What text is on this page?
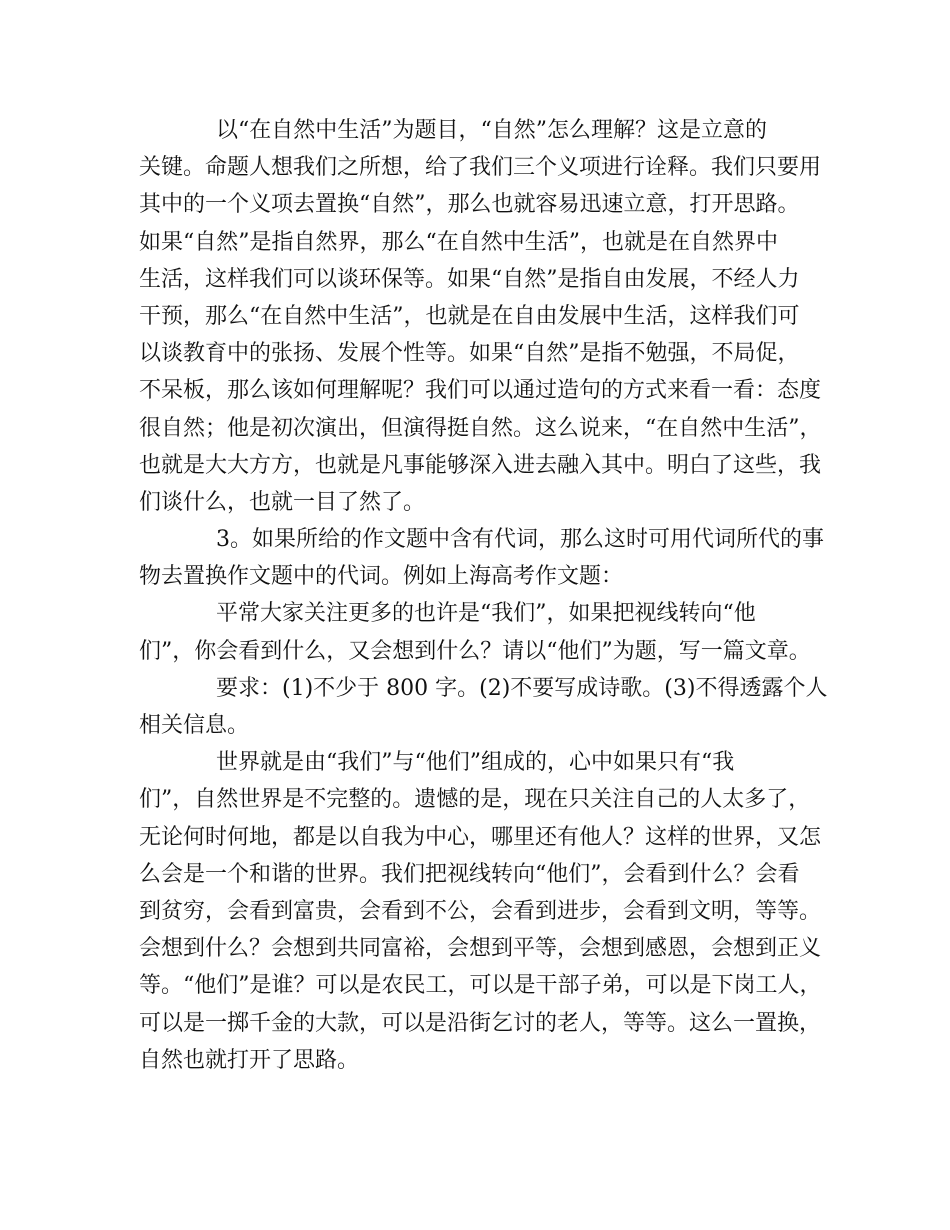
以“在自然中生活”为题目，“自然”怎么理解？这是立意的
关键。命题人想我们之所想，给了我们三个义项进行诠释。我们只要用
其中的一个义项去置换“自然”，那么也就容易迅速立意，打开思路。
如果“自然”是指自然界，那么“在自然中生活”，也就是在自然界中
生活，这样我们可以谈环保等。如果“自然”是指自由发展，不经人力
干预，那么“在自然中生活”，也就是在自由发展中生活，这样我们可
以谈教育中的张扬、发展个性等。如果“自然”是指不勉强，不局促，
不呆板，那么该如何理解呢？我们可以通过造句的方式来看一看：态度
很自然；他是初次演出，但演得挺自然。这么说来，“在自然中生活”，
也就是大大方方，也就是凡事能够深入进去融入其中。明白了这些，我
们谈什么，也就一目了然了。
3。如果所给的作文题中含有代词，那么这时可用代词所代的事
物去置换作文题中的代词。例如上海高考作文题：
平常大家关注更多的也许是“我们”，如果把视线转向“他
们”，你会看到什么，又会想到什么？请以“他们”为题，写一篇文章。
要求：(1)不少于 800 字。(2)不要写成诗歌。(3)不得透露个人
相关信息。
世界就是由“我们”与“他们”组成的，心中如果只有“我
们”，自然世界是不完整的。遗憾的是，现在只关注自己的人太多了，
无论何时何地，都是以自我为中心，哪里还有他人？这样的世界，又怎
么会是一个和谐的世界。我们把视线转向“他们”，会看到什么？会看
到贫穷，会看到富贵，会看到不公，会看到进步，会看到文明，等等。
会想到什么？会想到共同富裕，会想到平等，会想到感恩，会想到正义
等。“他们”是谁？可以是农民工，可以是干部子弟，可以是下岗工人，
可以是一掷千金的大款，可以是沿街乞讨的老人，等等。这么一置换，
自然也就打开了思路。
